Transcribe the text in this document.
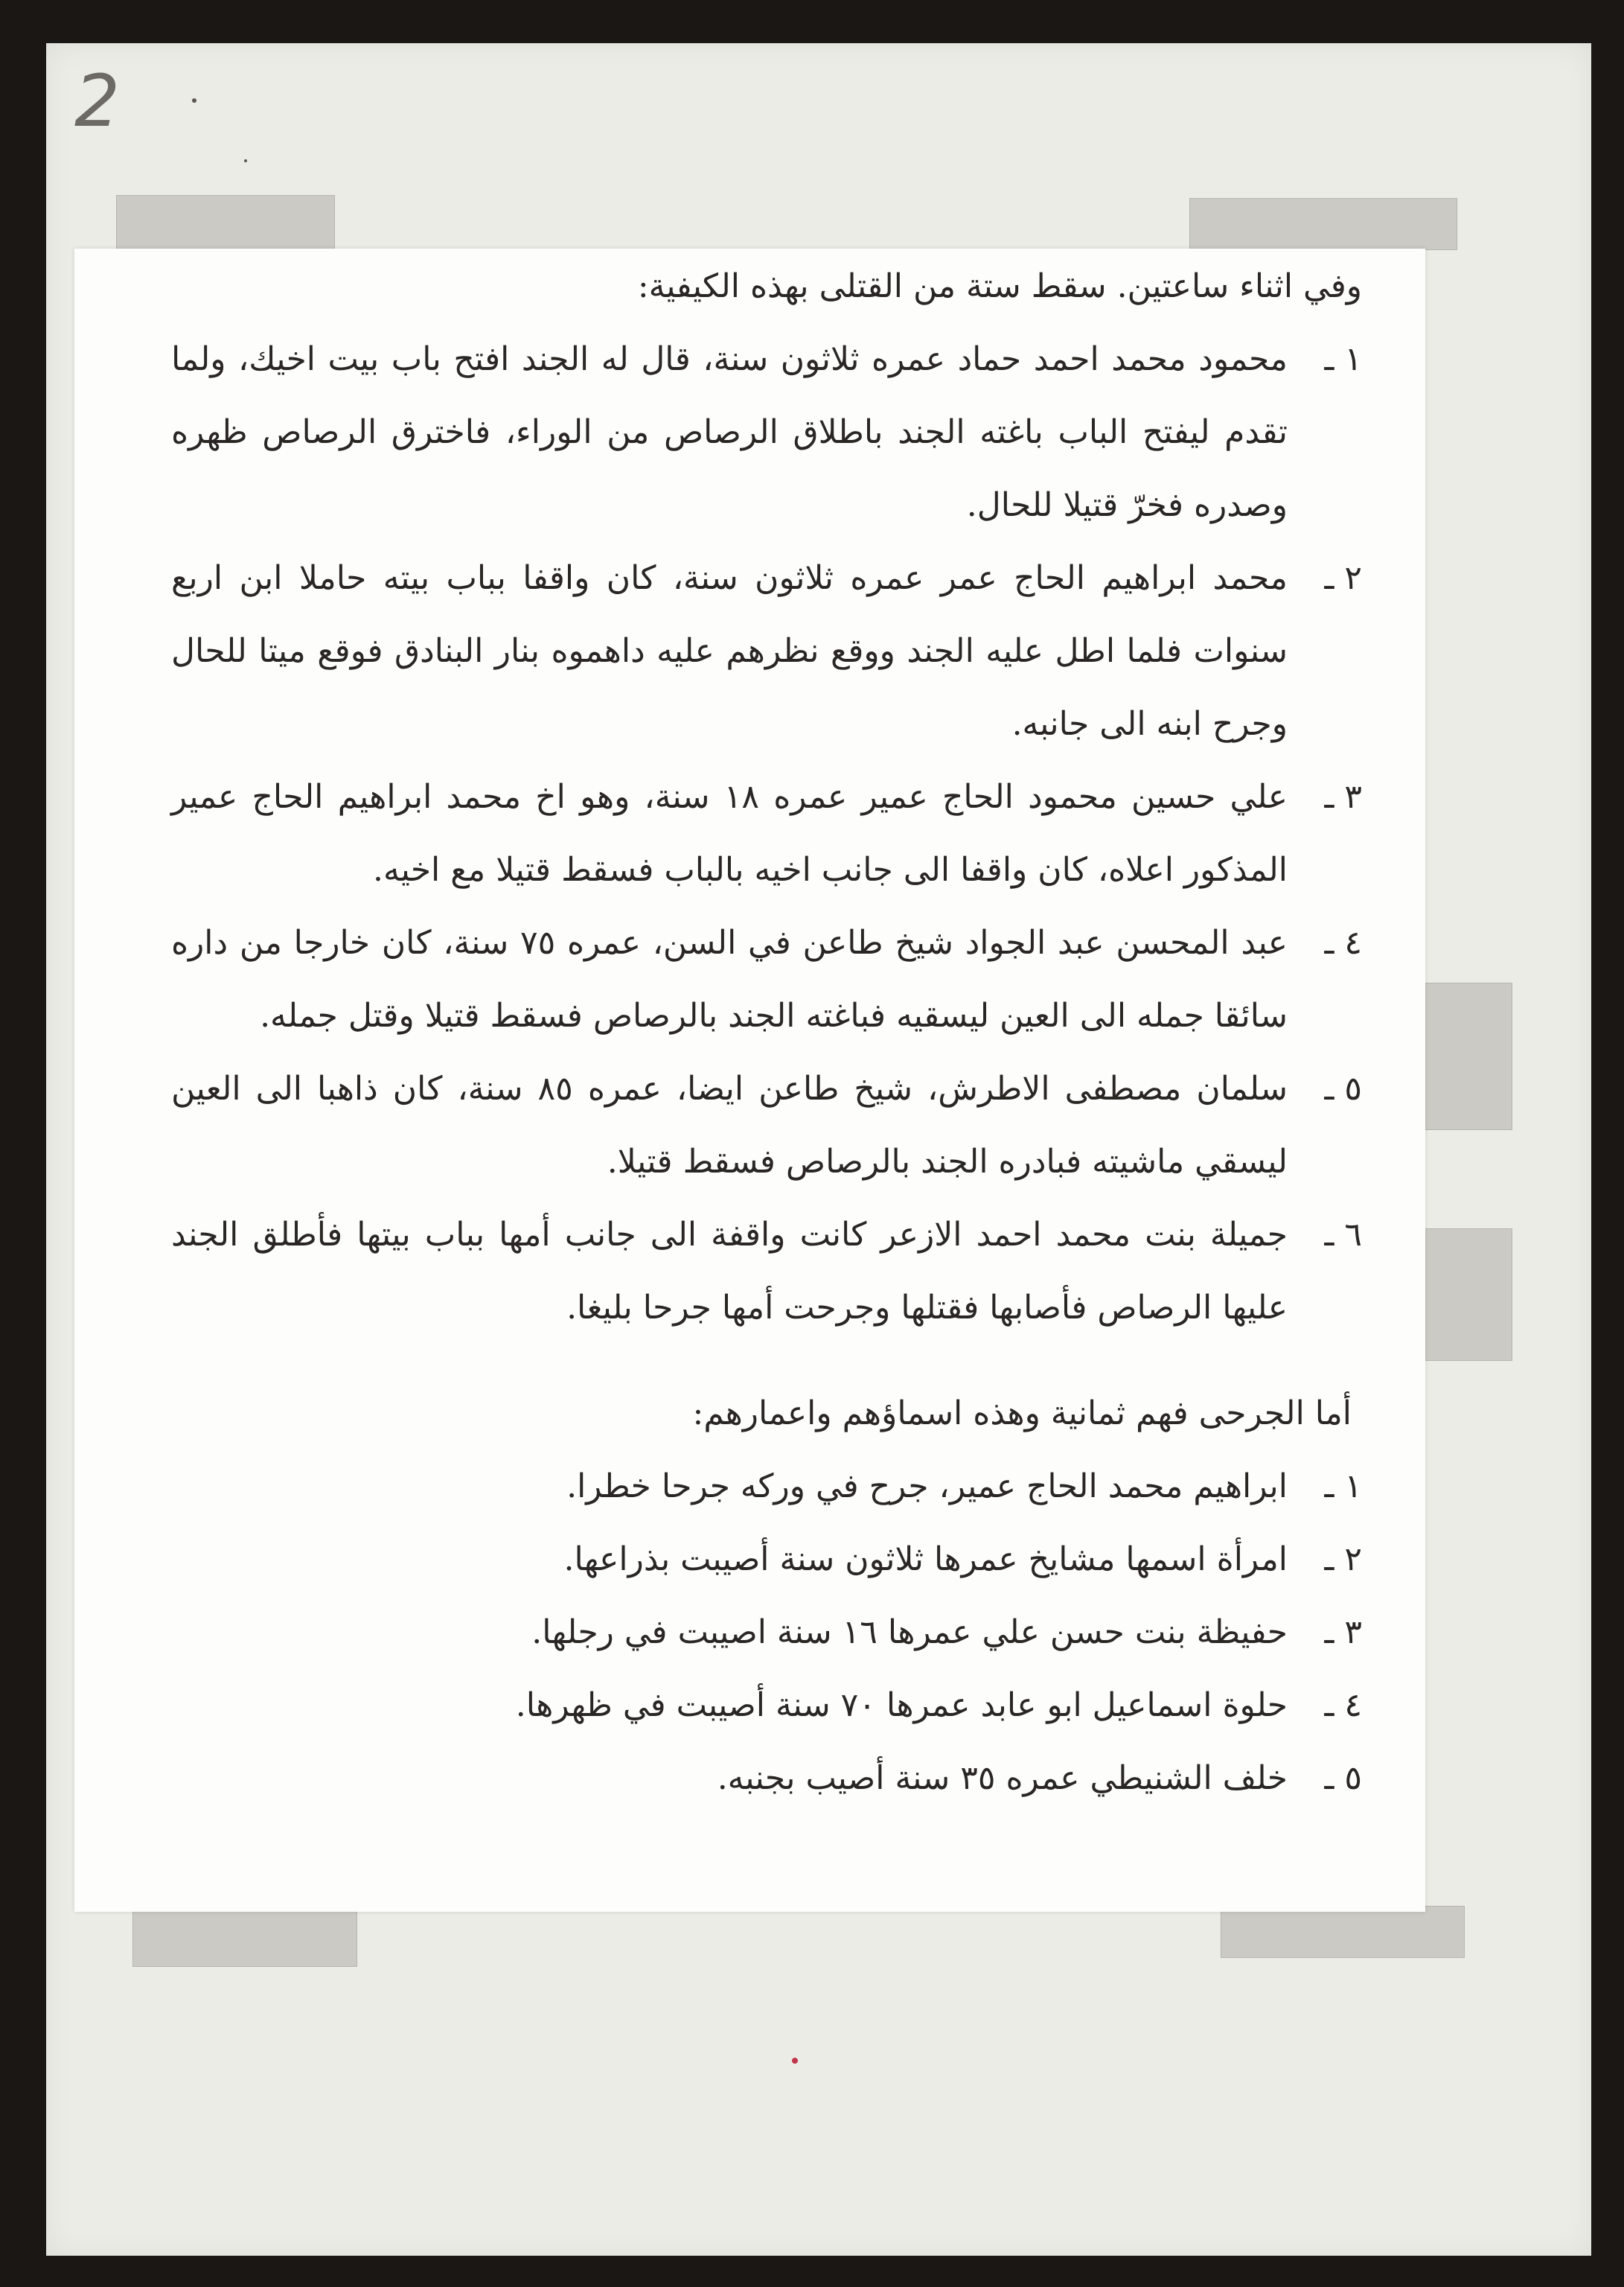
2

وفي اثناء ساعتين. سقط ستة من القتلى بهذه الكيفية:

١ ـ
محمود محمد احمد حماد عمره ثلاثون سنة، قال له الجند افتح باب بيت اخيك، ولما تقدم ليفتح الباب باغته الجند باطلاق الرصاص من الوراء، فاخترق الرصاص ظهره وصدره فخرّ قتيلا للحال.
٢ ـ
محمد ابراهيم الحاج عمر عمره ثلاثون سنة، كان واقفا بباب بيته حاملا ابن اربع سنوات فلما اطل عليه الجند ووقع نظرهم عليه داهموه بنار البنادق فوقع ميتا للحال وجرح ابنه الى جانبه.
٣ ـ
علي حسين محمود الحاج عمير عمره ١٨ سنة، وهو اخ محمد ابراهيم الحاج عمير المذكور اعلاه، كان واقفا الى جانب اخيه بالباب فسقط قتيلا مع اخيه.
٤ ـ
عبد المحسن عبد الجواد شيخ طاعن في السن، عمره ٧٥ سنة، كان خارجا من داره سائقا جمله الى العين ليسقيه فباغته الجند بالرصاص فسقط قتيلا وقتل جمله.
٥ ـ
سلمان مصطفى الاطرش، شيخ طاعن ايضا، عمره ٨٥ سنة، كان ذاهبا الى العين ليسقي ماشيته فبادره الجند بالرصاص فسقط قتيلا.
٦ ـ
جميلة بنت محمد احمد الازعر كانت واقفة الى جانب أمها بباب بيتها فأطلق الجند عليها الرصاص فأصابها فقتلها وجرحت أمها جرحا بليغا.

أما الجرحى فهم ثمانية وهذه اسماؤهم واعمارهم:

١ ـ
ابراهيم محمد الحاج عمير، جرح في وركه جرحا خطرا.
٢ ـ
امرأة اسمها مشايخ عمرها ثلاثون سنة أصيبت بذراعها.
٣ ـ
حفيظة بنت حسن علي عمرها ١٦ سنة اصيبت في رجلها.
٤ ـ
حلوة اسماعيل ابو عابد عمرها ٧٠ سنة أصيبت في ظهرها.
٥ ـ
خلف الشنيطي عمره ٣٥ سنة أصيب بجنبه.
